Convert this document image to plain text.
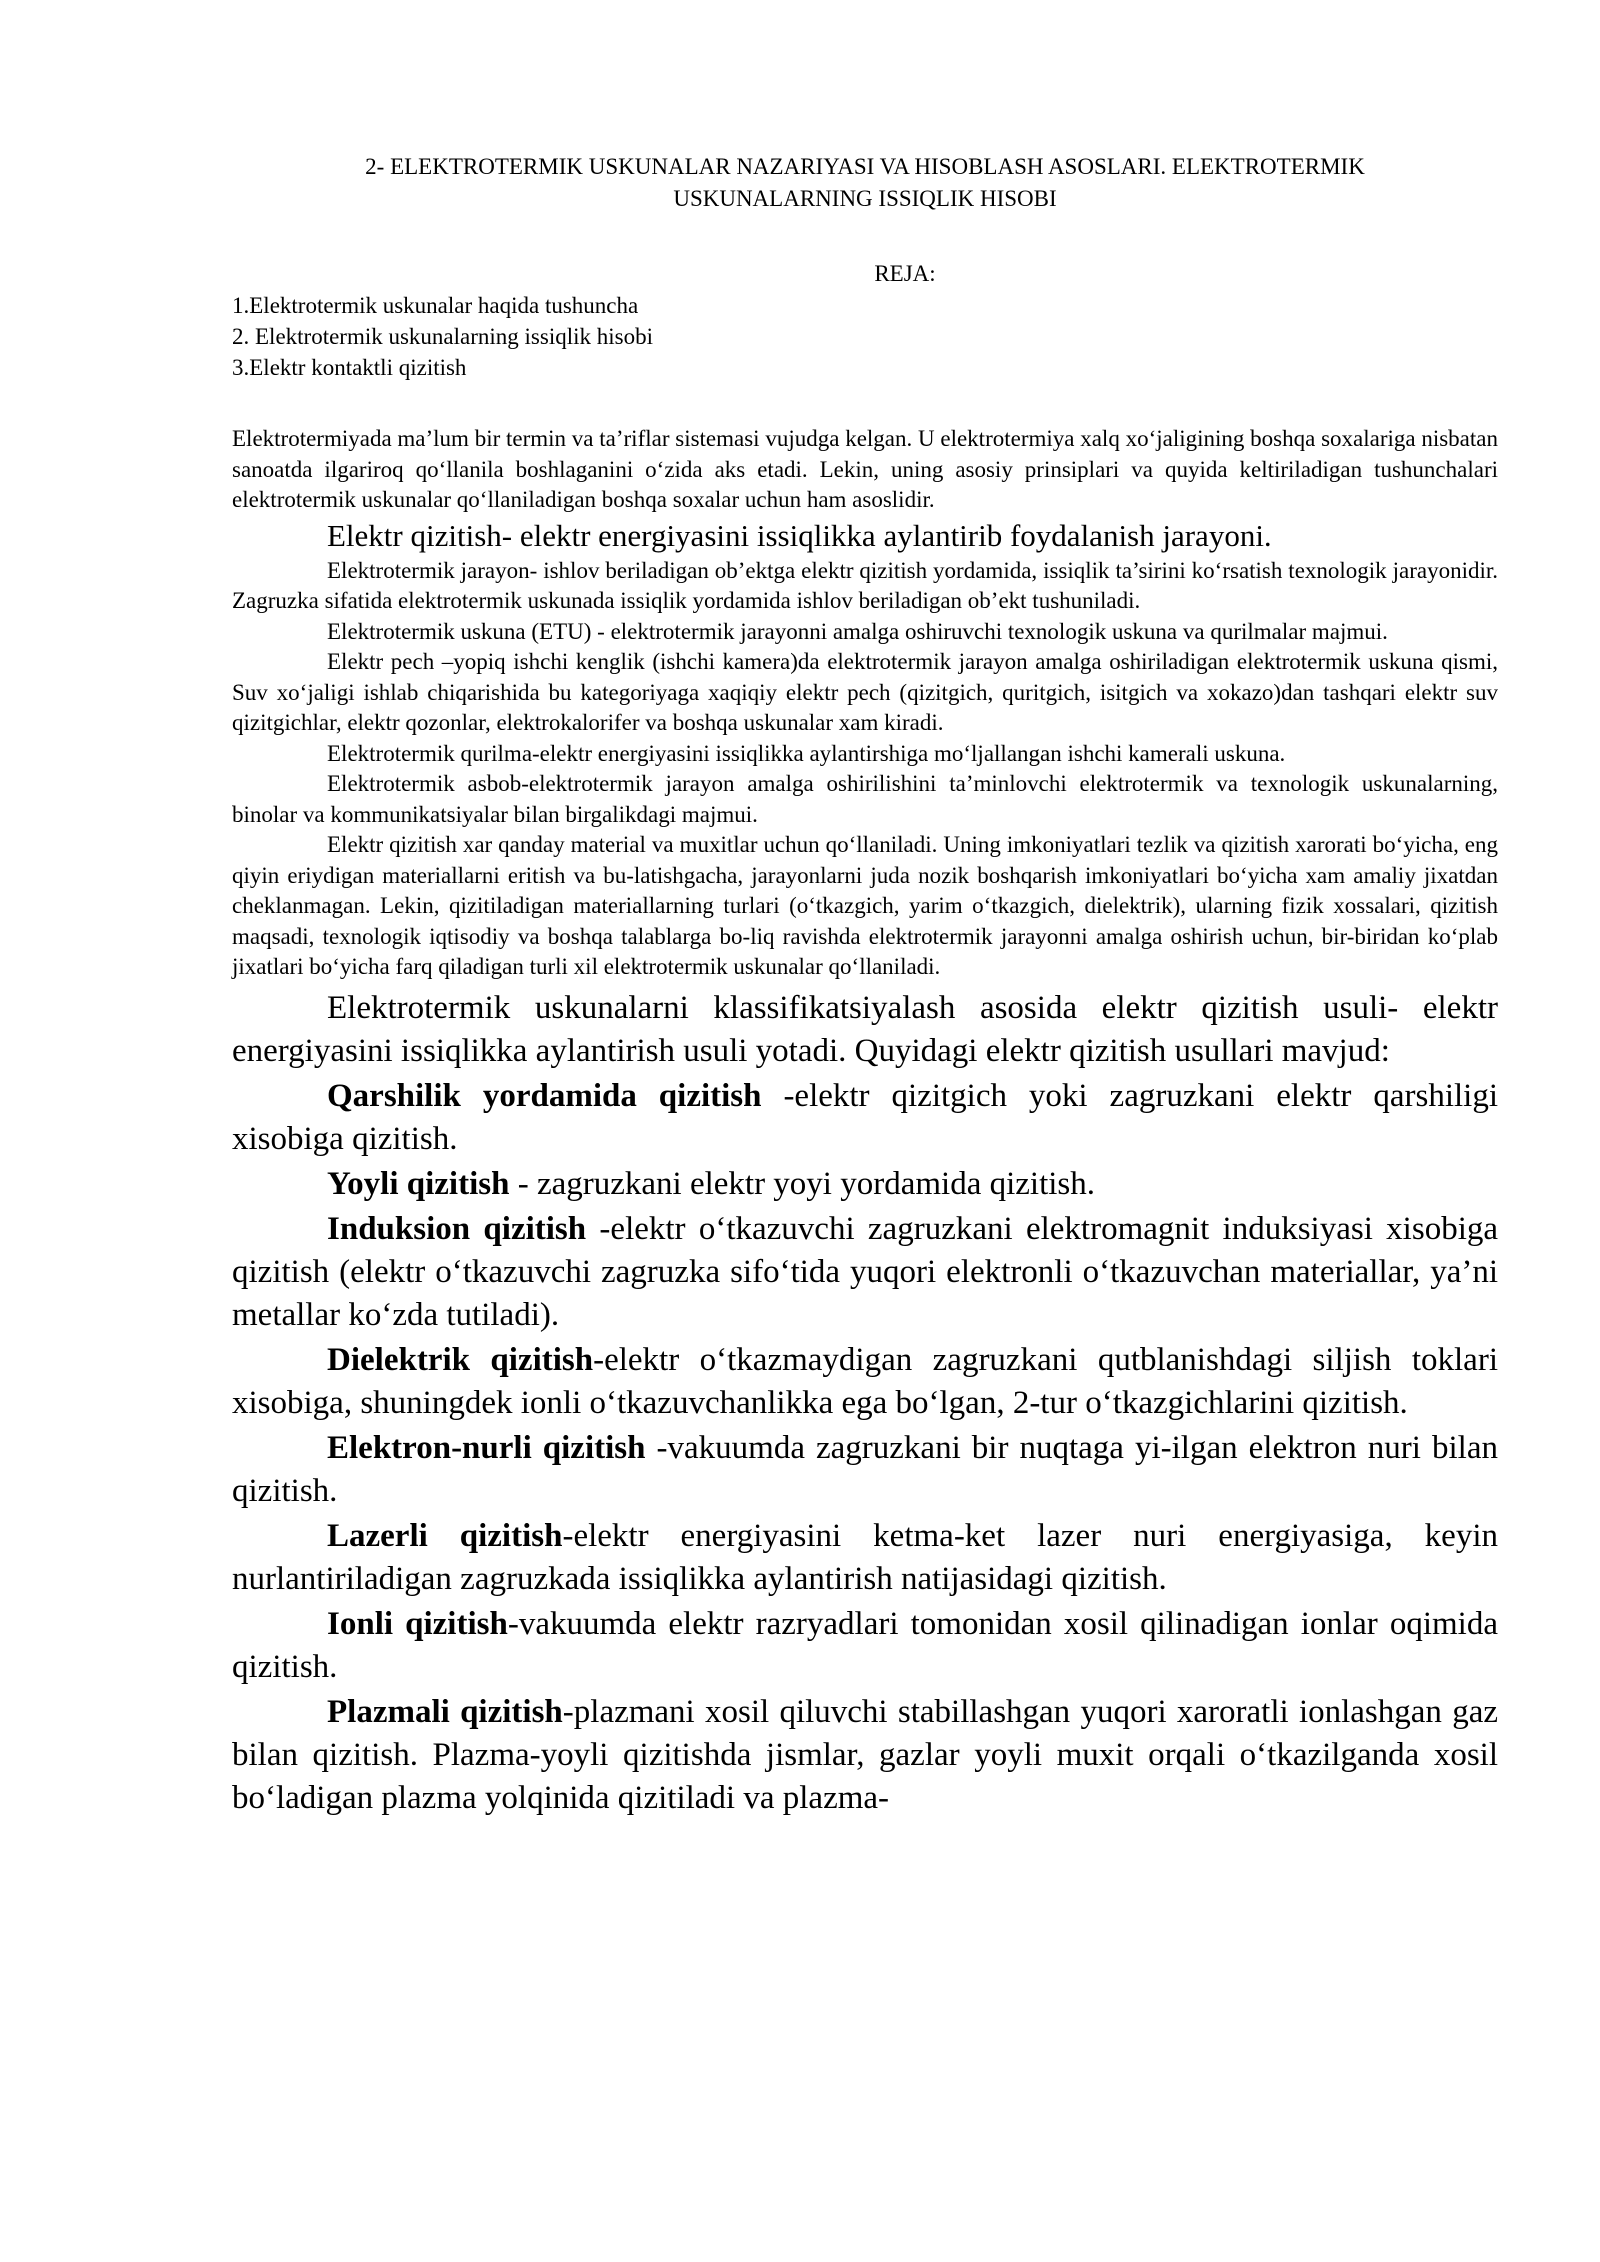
2- ELEKTROTERMIK USKUNALAR NAZARIYASI VA HISOBLASH ASOSLARI. ELEKTROTERMIK
USKUNALARNING ISSIQLIK HISOBI
REJA:
1.Elektrotermik uskunalar haqida tushuncha
2. Elektrotermik uskunalarning issiqlik hisobi
3.Elektr kontaktli qizitish

Elektrotermiyada ma’lum bir termin va ta’riflar sistemasi vujudga kelgan. U elektrotermiya xalq xo‘jaligining boshqa soxalariga nisbatan sanoatda ilgariroq qo‘llanila boshlaganini o‘zida aks etadi. Lekin, uning asosiy prinsiplari va quyida keltiriladigan tushunchalari elektrotermik uskunalar qo‘llaniladigan boshqa soxalar uchun ham asoslidir.

Elektr qizitish- elektr energiyasini issiqlikka aylantirib foydalanish jarayoni.

Elektrotermik jarayon- ishlov beriladigan ob’ektga elektr qizitish yordamida, issiqlik ta’sirini ko‘rsatish texnologik jarayonidir. Zagruzka sifatida elektrotermik uskunada issiqlik yordamida ishlov beriladigan ob’ekt tushuniladi.

Elektrotermik uskuna (ETU) - elektrotermik jarayonni amalga oshiruvchi texnologik uskuna va qurilmalar majmui.

Elektr pech –yopiq ishchi kenglik (ishchi kamera)da elektrotermik jarayon amalga oshiriladigan elektrotermik uskuna qismi, Suv xo‘jaligi ishlab chiqarishida bu kategoriyaga xaqiqiy elektr pech (qizitgich, quritgich, isitgich va xokazo)dan tashqari elektr suv qizitgichlar, elektr qozonlar, elektrokalorifer va boshqa uskunalar xam kiradi.

Elektrotermik qurilma-elektr energiyasini issiqlikka aylantirshiga mo‘ljallangan ishchi kamerali uskuna.

Elektrotermik asbob-elektrotermik jarayon amalga oshirilishini ta’minlovchi elektrotermik va texnologik uskunalarning, binolar va kommunikatsiyalar bilan birgalikdagi majmui.

Elektr qizitish xar qanday material va muxitlar uchun qo‘llaniladi. Uning imkoniyatlari tezlik va qizitish xarorati bo‘yicha, eng qiyin eriydigan materiallarni eritish va bu-latishgacha, jarayonlarni juda nozik boshqarish imkoniyatlari bo‘yicha xam amaliy jixatdan cheklanmagan. Lekin, qizitiladigan materiallarning turlari (o‘tkazgich, yarim o‘tkazgich, dielektrik), ularning fizik xossalari, qizitish maqsadi, texnologik iqtisodiy va boshqa talablarga bo-liq ravishda elektrotermik jarayonni amalga oshirish uchun, bir-biridan ko‘plab jixatlari bo‘yicha farq qiladigan turli xil elektrotermik uskunalar qo‘llaniladi.

Elektrotermik uskunalarni klassifikatsiyalash asosida elektr qizitish usuli- elektr energiyasini issiqlikka aylantirish usuli yotadi. Quyidagi elektr qizitish usullari mavjud:

Qarshilik yordamida qizitish -elektr qizitgich yoki zagruzkani elektr qarshiligi xisobiga qizitish.

Yoyli qizitish - zagruzkani elektr yoyi yordamida qizitish.

Induksion qizitish -elektr o‘tkazuvchi zagruzkani elektromagnit induksiyasi xisobiga qizitish (elektr o‘tkazuvchi zagruzka sifo‘tida yuqori elektronli o‘tkazuvchan materiallar, ya’ni metallar ko‘zda tutiladi).

Dielektrik qizitish-elektr o‘tkazmaydigan zagruzkani qutblanishdagi siljish toklari xisobiga, shuningdek ionli o‘tkazuvchanlikka ega bo‘lgan, 2-tur o‘tkazgichlarini qizitish.

Elektron-nurli qizitish -vakuumda zagruzkani bir nuqtaga yi-ilgan elektron nuri bilan qizitish.

Lazerli qizitish-elektr energiyasini ketma-ket lazer nuri energiyasiga, keyin nurlantiriladigan zagruzkada issiqlikka aylantirish natijasidagi qizitish.

Ionli qizitish-vakuumda elektr razryadlari tomonidan xosil qilinadigan ionlar oqimida qizitish.

Plazmali qizitish-plazmani xosil qiluvchi stabillashgan yuqori xaroratli ionlashgan gaz bilan qizitish. Plazma-yoyli qizitishda jismlar, gazlar yoyli muxit orqali o‘tkazilganda xosil bo‘ladigan plazma yolqinida qizitiladi va plazma-
